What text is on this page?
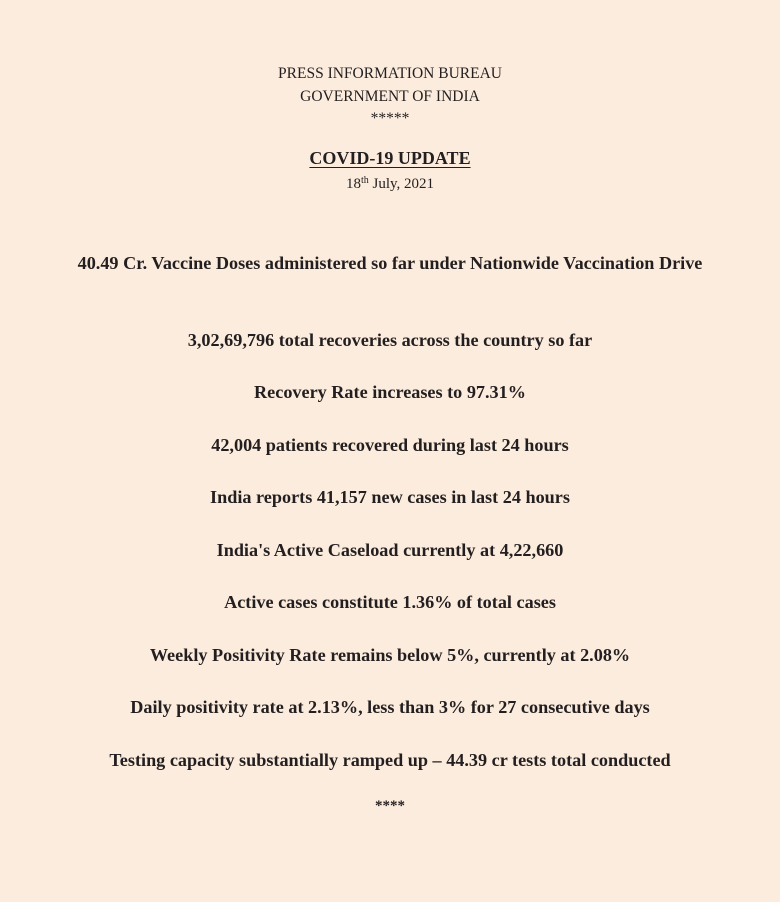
PRESS INFORMATION BUREAU
GOVERNMENT OF INDIA
*****
COVID-19 UPDATE
18th July, 2021
40.49 Cr. Vaccine Doses administered so far under Nationwide Vaccination Drive
3,02,69,796 total recoveries across the country so far
Recovery Rate increases to 97.31%
42,004 patients recovered during last 24 hours
India reports 41,157 new cases in last 24 hours
India's Active Caseload currently at 4,22,660
Active cases constitute 1.36% of total cases
Weekly Positivity Rate remains below 5%, currently at 2.08%
Daily positivity rate at 2.13%, less than 3% for 27 consecutive days
Testing capacity substantially ramped up – 44.39 cr tests total conducted
****
